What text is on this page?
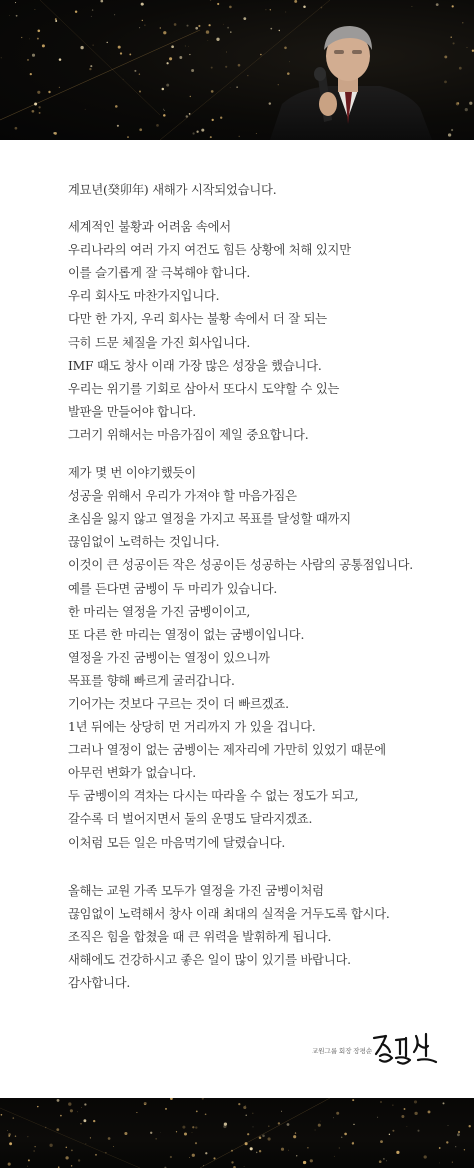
계묘년(癸卯年) 새해가 시작되었습니다.

세계적인 불황과 어려움 속에서
우리나라의 여러 가지 여건도 힘든 상황에 처해 있지만
이를 슬기롭게 잘 극복해야 합니다.
우리 회사도 마찬가지입니다.
다만 한 가지, 우리 회사는 불황 속에서 더 잘 되는
극히 드문 체질을 가진 회사입니다.
IMF 때도 창사 이래 가장 많은 성장을 했습니다.
우리는 위기를 기회로 삼아서 또다시 도약할 수 있는
발판을 만들어야 합니다.
그러기 위해서는 마음가짐이 제일 중요합니다.

제가 몇 번 이야기했듯이
성공을 위해서 우리가 가져야 할 마음가짐은
초심을 잃지 않고 열정을 가지고 목표를 달성할 때까지
끊임없이 노력하는 것입니다.
이것이 큰 성공이든 작은 성공이든 성공하는 사람의 공통점입니다.
예를 든다면 굼벵이 두 마리가 있습니다.
한 마리는 열정을 가진 굼벵이이고,
또 다른 한 마리는 열정이 없는 굼벵이입니다.
열정을 가진 굼벵이는 열정이 있으니까
목표를 향해 빠르게 굴러갑니다.
기어가는 것보다 구르는 것이 더 빠르겠죠.
1년 뒤에는 상당히 먼 거리까지 가 있을 겁니다.
그러나 열정이 없는 굼벵이는 제자리에 가만히 있었기 때문에
아무런 변화가 없습니다.
두 굼벵이의 격차는 다시는 따라올 수 없는 정도가 되고,
갈수록 더 벌어지면서 둘의 운명도 달라지겠죠.
이처럼 모든 일은 마음먹기에 달렸습니다.

올해는 교원 가족 모두가 열정을 가진 굼벵이처럼
끊임없이 노력해서 창사 이래 최대의 실적을 거두도록 합시다.
조직은 힘을 합쳤을 때 큰 위력을 발휘하게 됩니다.
새해에도 건강하시고 좋은 일이 많이 있기를 바랍니다.
감사합니다.

교원그룹 회장 장평순
